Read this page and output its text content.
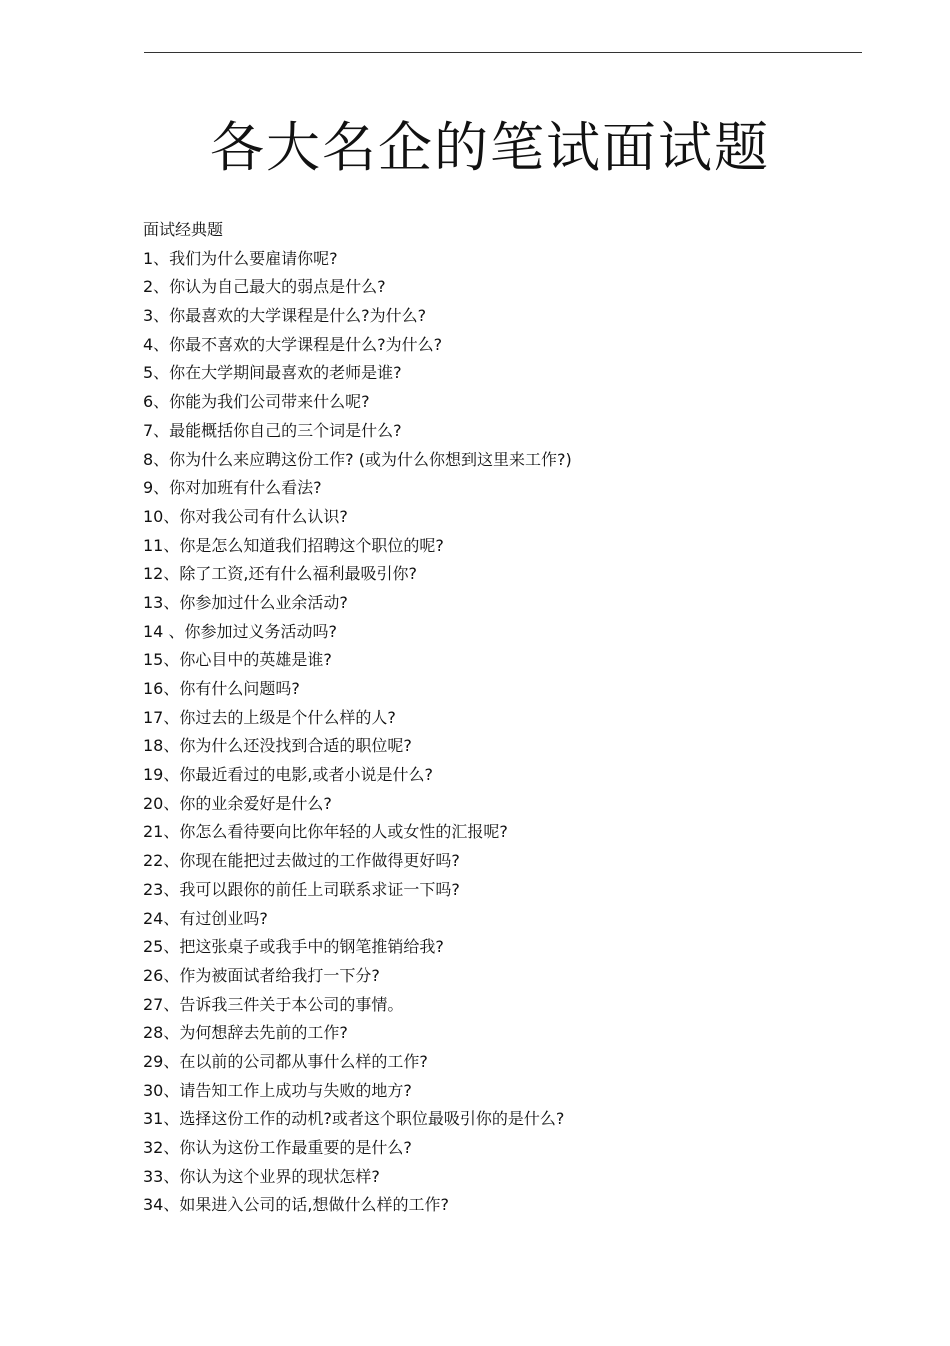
各大名企的笔试面试题
面试经典题
1、我们为什么要雇请你呢?
2、你认为自己最大的弱点是什么?
3、你最喜欢的大学课程是什么?为什么?
4、你最不喜欢的大学课程是什么?为什么?
5、你在大学期间最喜欢的老师是谁?
6、你能为我们公司带来什么呢?
7、最能概括你自己的三个词是什么?
8、你为什么来应聘这份工作? (或为什么你想到这里来工作?)
9、你对加班有什么看法?
10、你对我公司有什么认识?
11、你是怎么知道我们招聘这个职位的呢?
12、除了工资,还有什么福利最吸引你?
13、你参加过什么业余活动?
14 、你参加过义务活动吗?
15、你心目中的英雄是谁?
16、你有什么问题吗?
17、你过去的上级是个什么样的人?
18、你为什么还没找到合适的职位呢?
19、你最近看过的电影,或者小说是什么?
20、你的业余爱好是什么?
21、你怎么看待要向比你年轻的人或女性的汇报呢?
22、你现在能把过去做过的工作做得更好吗?
23、我可以跟你的前任上司联系求证一下吗?
24、有过创业吗?
25、把这张桌子或我手中的钢笔推销给我?
26、作为被面试者给我打一下分?
27、告诉我三件关于本公司的事情。
28、为何想辞去先前的工作?
29、在以前的公司都从事什么样的工作?
30、请告知工作上成功与失败的地方?
31、选择这份工作的动机?或者这个职位最吸引你的是什么?
32、你认为这份工作最重要的是什么?
33、你认为这个业界的现状怎样?
34、如果进入公司的话,想做什么样的工作?
